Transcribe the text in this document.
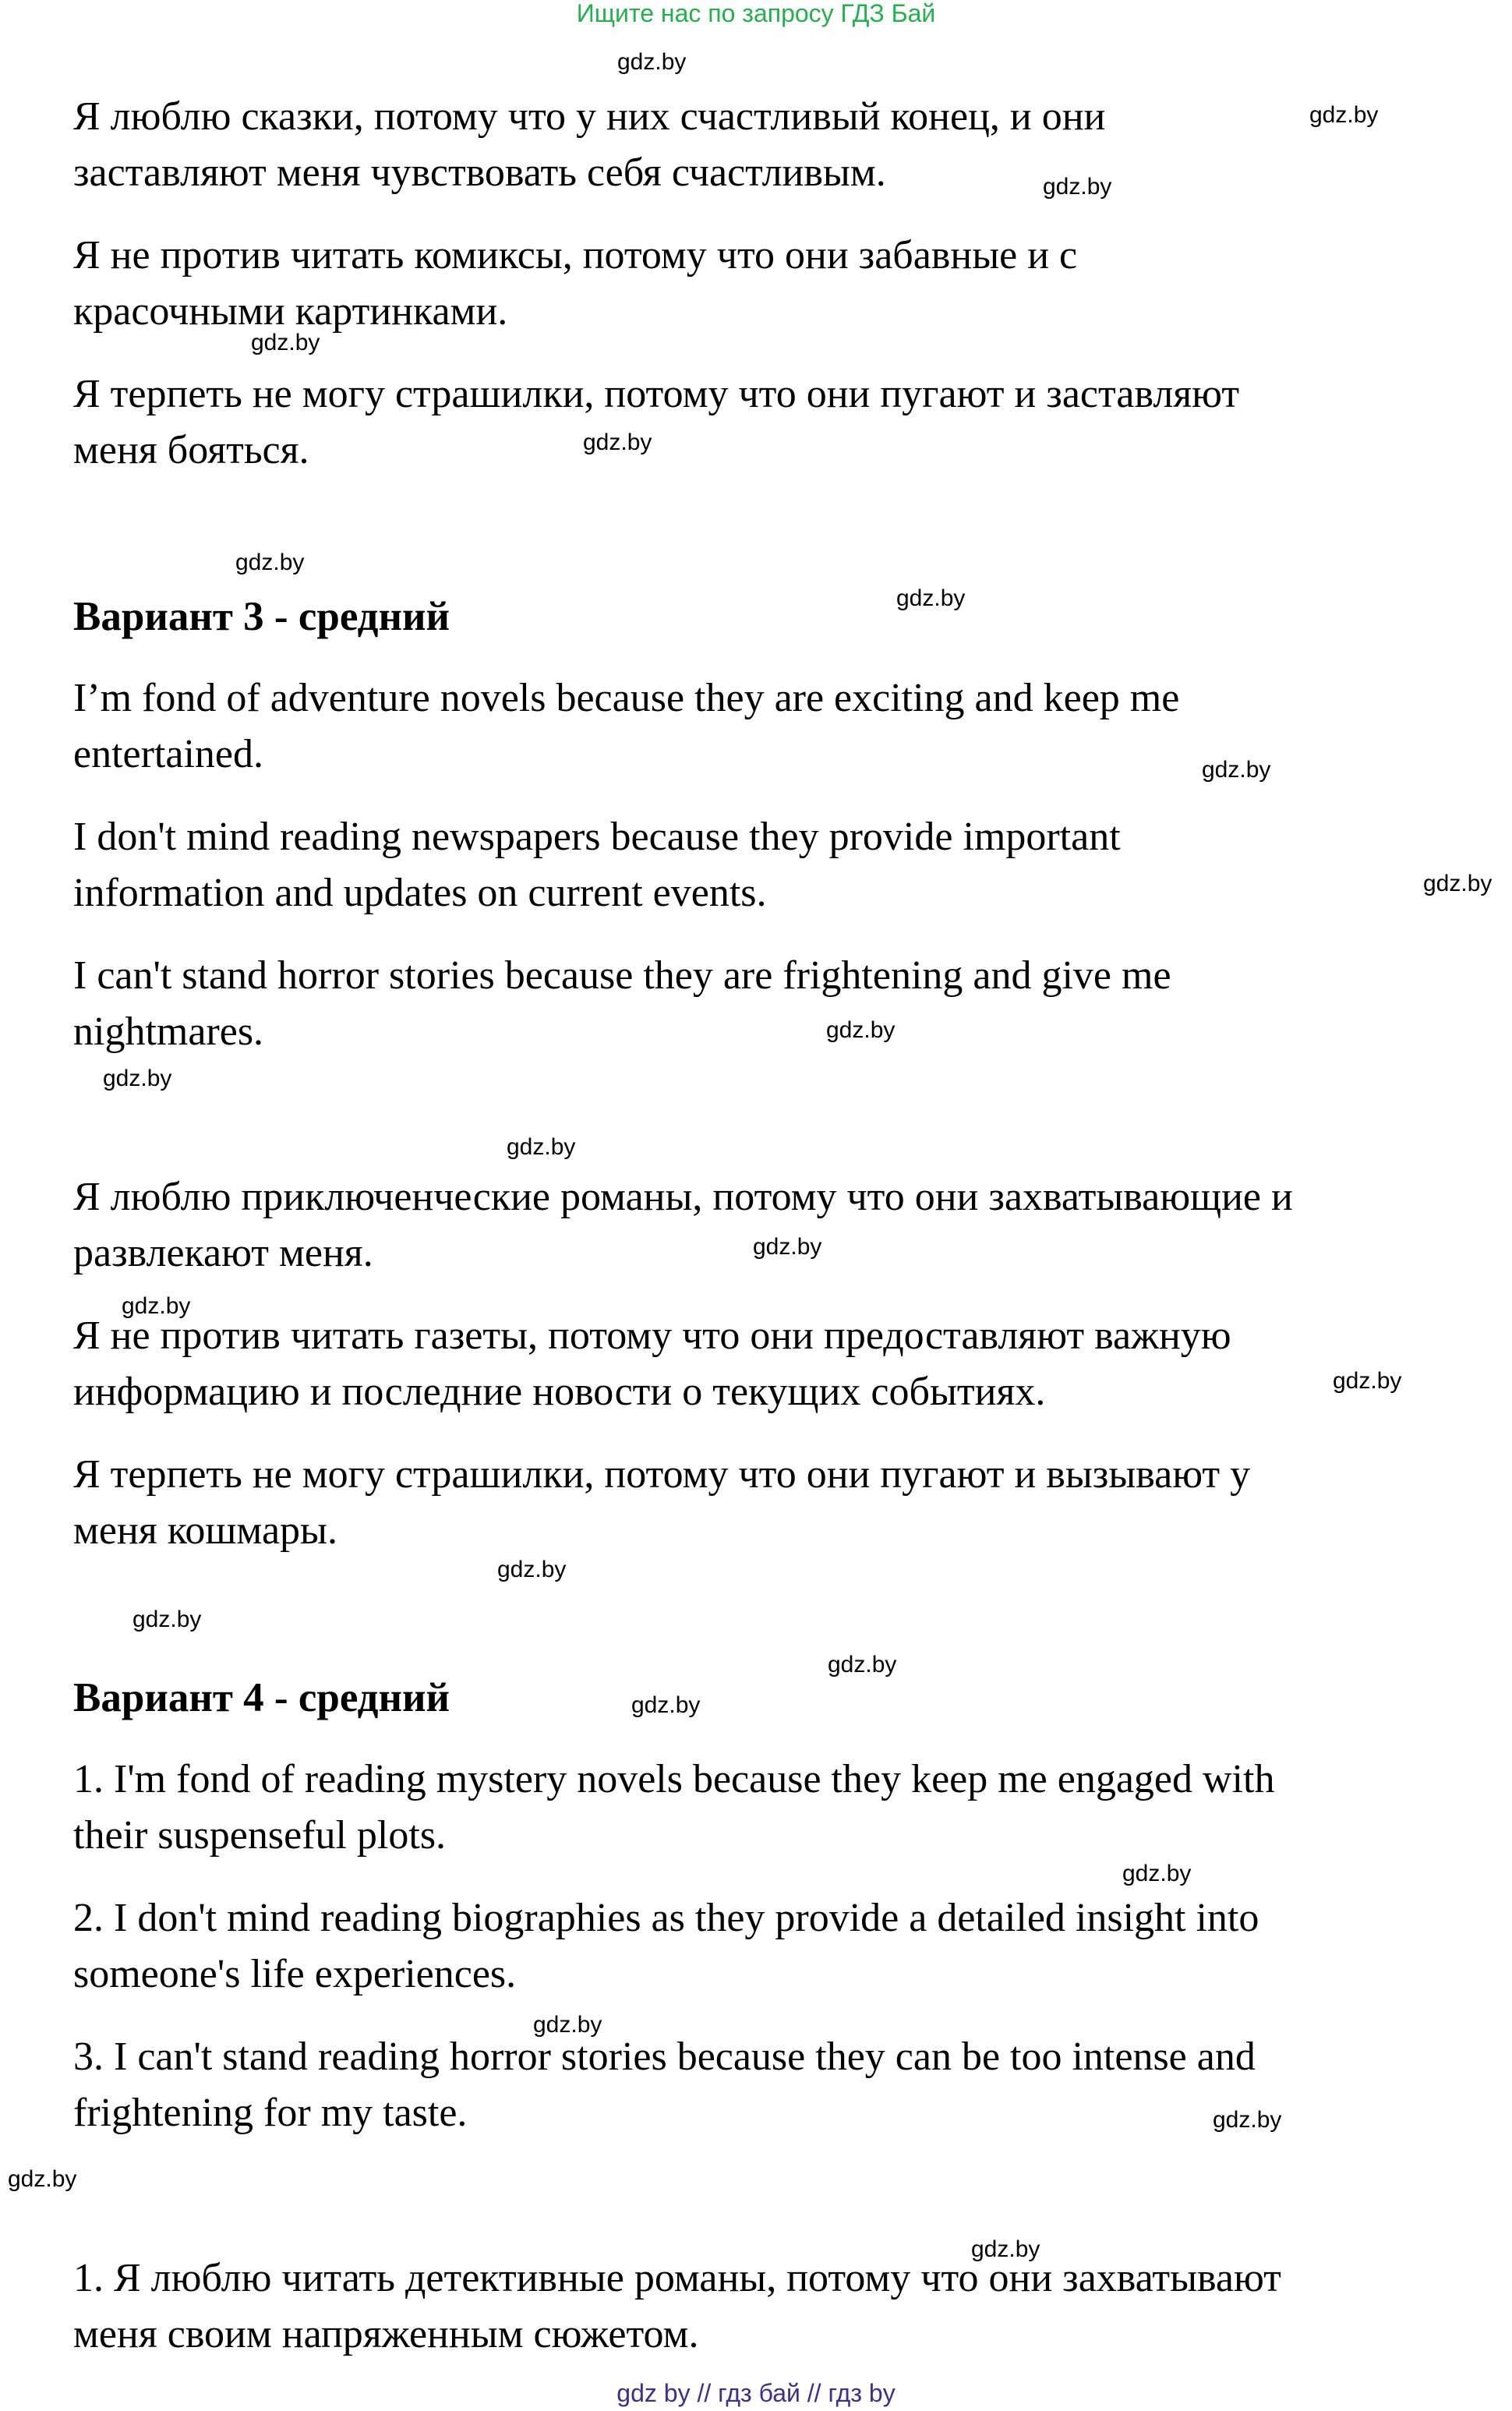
Ищите нас по запросу ГДЗ Бай
Я люблю сказки, потому что у них счастливый конец, и они
заставляют меня чувствовать себя счастливым.
Я не против читать комиксы, потому что они забавные и с
красочными картинками.
Я терпеть не могу страшилки, потому что они пугают и заставляют
меня бояться.
Вариант 3 - средний
I’m fond of adventure novels because they are exciting and keep me
entertained.
I don't mind reading newspapers because they provide important
information and updates on current events.
I can't stand horror stories because they are frightening and give me
nightmares.
Я люблю приключенческие романы, потому что они захватывающие и
развлекают меня.
Я не против читать газеты, потому что они предоставляют важную
информацию и последние новости о текущих событиях.
Я терпеть не могу страшилки, потому что они пугают и вызывают у
меня кошмары.
Вариант 4 - средний
1. I'm fond of reading mystery novels because they keep me engaged with
their suspenseful plots.
2. I don't mind reading biographies as they provide a detailed insight into
someone's life experiences.
3. I can't stand reading horror stories because they can be too intense and
frightening for my taste.
1. Я люблю читать детективные романы, потому что они захватывают
меня своим напряженным сюжетом.
gdz.by
gdz.by
gdz.by
gdz.by
gdz.by
gdz.by
gdz.by
gdz.by
gdz.by
gdz.by
gdz.by
gdz.by
gdz.by
gdz.by
gdz.by
gdz.by
gdz.by
gdz.by
gdz.by
gdz.by
gdz.by
gdz.by
gdz.by
gdz.by
gdz by // гдз бай // гдз by
